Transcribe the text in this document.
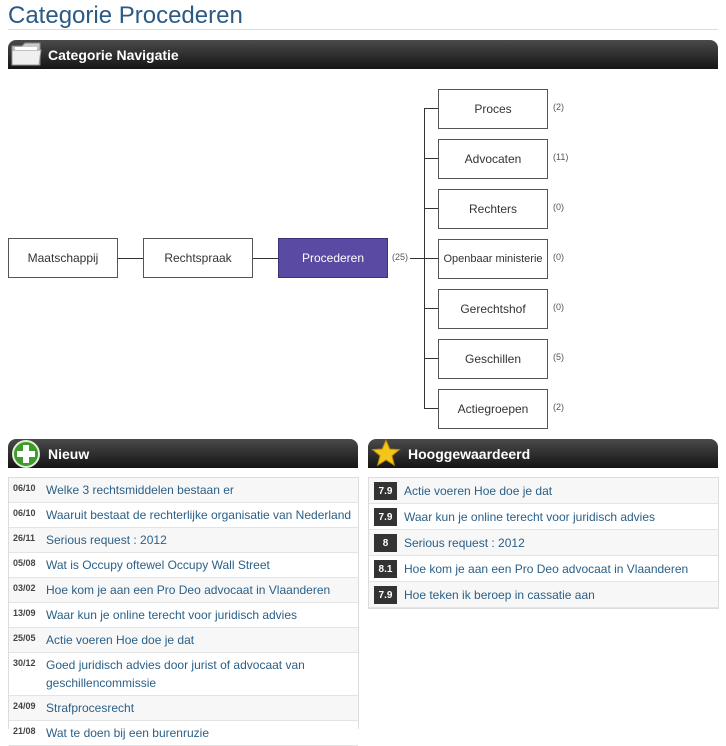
Categorie Procederen
Categorie Navigatie
Maatschappij	Rechtspraak	Procederen	(25)
Proces	(2)
Advocaten	(11)
Rechters	(0)
Openbaar ministerie	(0)
Gerechtshof	(0)
Geschillen	(5)
Actiegroepen	(2)
Nieuw
06/10 Welke 3 rechtsmiddelen bestaan er
06/10 Waaruit bestaat de rechterlijke organisatie van Nederland
26/11 Serious request : 2012
05/08 Wat is Occupy oftewel Occupy Wall Street
03/02 Hoe kom je aan een Pro Deo advocaat in Vlaanderen
13/09 Waar kun je online terecht voor juridisch advies
25/05 Actie voeren Hoe doe je dat
30/12 Goed juridisch advies door jurist of advocaat van geschillencommissie
24/09 Strafprocesrecht
21/08 Wat te doen bij een burenruzie
Hooggewaardeerd
7.9 Actie voeren Hoe doe je dat
7.9 Waar kun je online terecht voor juridisch advies
8	Serious request : 2012
8.1 Hoe kom je aan een Pro Deo advocaat in Vlaanderen
7.9 Hoe teken ik beroep in cassatie aan
